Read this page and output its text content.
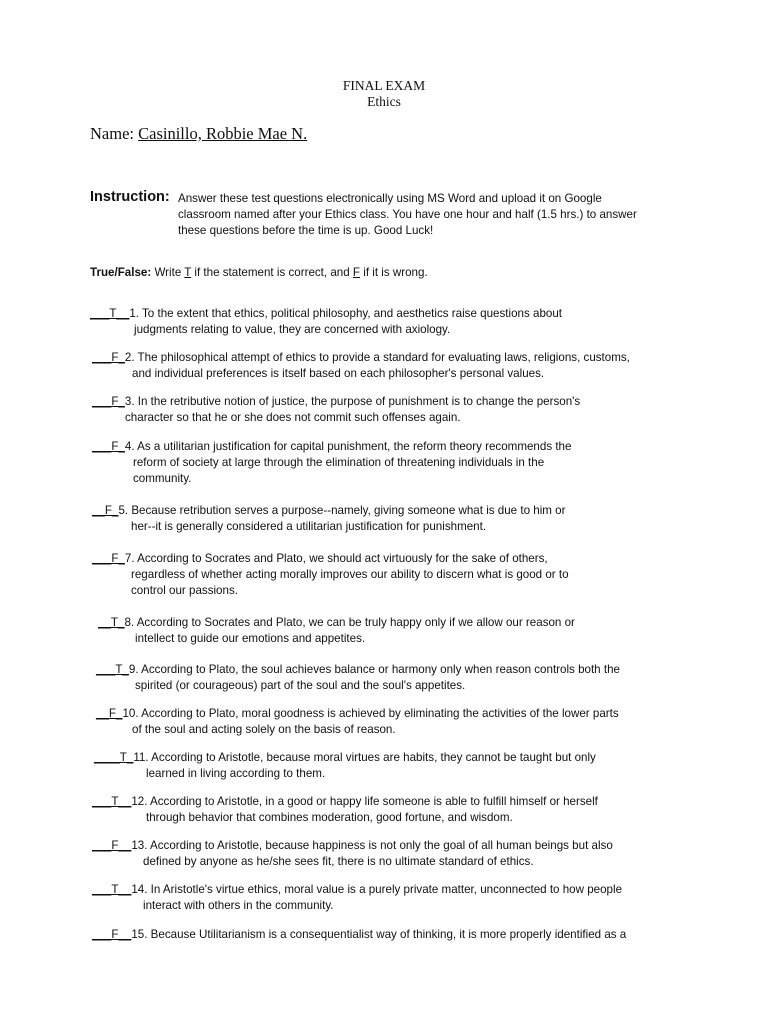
FINAL EXAM
Ethics
Name: Casinillo, Robbie Mae N.
Instruction: Answer these test questions electronically using MS Word and upload it on Google
classroom named after your Ethics class. You have one hour and half (1.5 hrs.) to answer
these questions before the time is up. Good Luck!
True/False: Write T if the statement is correct, and F if it is wrong.
___T__1. To the extent that ethics, political philosophy, and aesthetics raise questions about
judgments relating to value, they are concerned with axiology.
___F_2. The philosophical attempt of ethics to provide a standard for evaluating laws, religions, customs,
and individual preferences is itself based on each philosopher's personal values.
___F_3. In the retributive notion of justice, the purpose of punishment is to change the person's
character so that he or she does not commit such offenses again.
___F_4. As a utilitarian justification for capital punishment, the reform theory recommends the
reform of society at large through the elimination of threatening individuals in the
community.
__F_5. Because retribution serves a purpose--namely, giving someone what is due to him or
her--it is generally considered a utilitarian justification for punishment.
___F_7. According to Socrates and Plato, we should act virtuously for the sake of others,
regardless of whether acting morally improves our ability to discern what is good or to
control our passions.
__T_8. According to Socrates and Plato, we can be truly happy only if we allow our reason or
intellect to guide our emotions and appetites.
___T_9. According to Plato, the soul achieves balance or harmony only when reason controls both the
spirited (or courageous) part of the soul and the soul's appetites.
__F_10. According to Plato, moral goodness is achieved by eliminating the activities of the lower parts
of the soul and acting solely on the basis of reason.
____T_11. According to Aristotle, because moral virtues are habits, they cannot be taught but only
learned in living according to them.
___T__12. According to Aristotle, in a good or happy life someone is able to fulfill himself or herself
through behavior that combines moderation, good fortune, and wisdom.
___F__13. According to Aristotle, because happiness is not only the goal of all human beings but also
defined by anyone as he/she sees fit, there is no ultimate standard of ethics.
___T__14. In Aristotle's virtue ethics, moral value is a purely private matter, unconnected to how people
interact with others in the community.
___F__15. Because Utilitarianism is a consequentialist way of thinking, it is more properly identified as a
